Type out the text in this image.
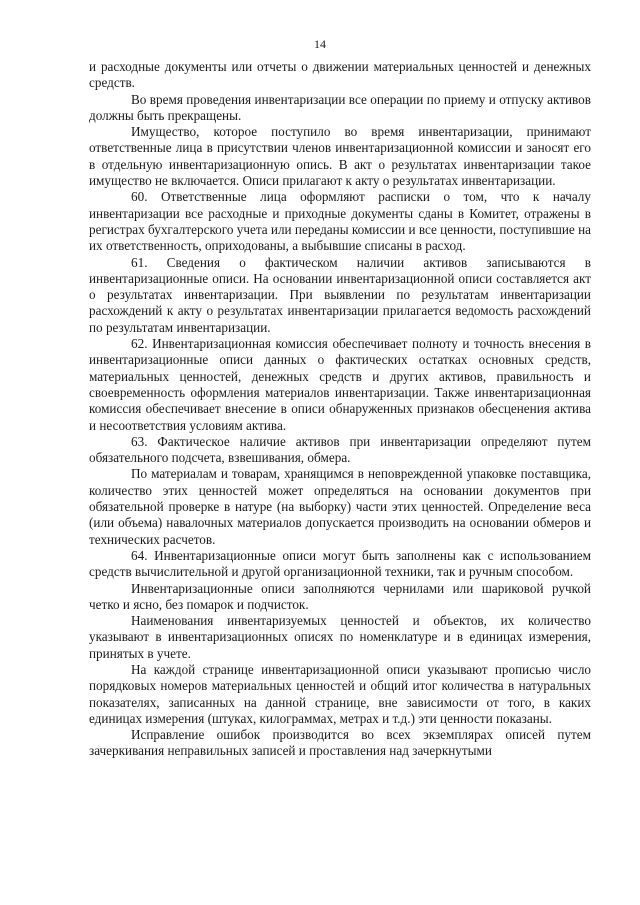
14

и расходные документы или отчеты о движении материальных ценностей и денежных средств.

Во время проведения инвентаризации все операции по приему и отпуску активов должны быть прекращены.

Имущество, которое поступило во время инвентаризации, принимают ответственные лица в присутствии членов инвентаризационной комиссии и заносят его в отдельную инвентаризационную опись. В акт о результатах инвентаризации такое имущество не включается. Описи прилагают к акту о результатах инвентаризации.

60. Ответственные лица оформляют расписки о том, что к началу инвентаризации все расходные и приходные документы сданы в Комитет, отражены в регистрах бухгалтерского учета или переданы комиссии и все ценности, поступившие на их ответственность, оприходованы, а выбывшие списаны в расход.

61. Сведения о фактическом наличии активов записываются в инвентаризационные описи. На основании инвентаризационной описи составляется акт о результатах инвентаризации. При выявлении по результатам инвентаризации расхождений к акту о результатах инвентаризации прилагается ведомость расхождений по результатам инвентаризации.

62. Инвентаризационная комиссия обеспечивает полноту и точность внесения в инвентаризационные описи данных о фактических остатках основных средств, материальных ценностей, денежных средств и других активов, правильность и своевременность оформления материалов инвентаризации. Также инвентаризационная комиссия обеспечивает внесение в описи обнаруженных признаков обесценения актива и несоответствия условиям актива.

63. Фактическое наличие активов при инвентаризации определяют путем обязательного подсчета, взвешивания, обмера.

По материалам и товарам, хранящимся в неповрежденной упаковке поставщика, количество этих ценностей может определяться на основании документов при обязательной проверке в натуре (на выборку) части этих ценностей. Определение веса (или объема) навалочных материалов допускается производить на основании обмеров и технических расчетов.

64. Инвентаризационные описи могут быть заполнены как с использованием средств вычислительной и другой организационной техники, так и ручным способом.

Инвентаризационные описи заполняются чернилами или шариковой ручкой четко и ясно, без помарок и подчисток.

Наименования инвентаризуемых ценностей и объектов, их количество указывают в инвентаризационных описях по номенклатуре и в единицах измерения, принятых в учете.

На каждой странице инвентаризационной описи указывают прописью число порядковых номеров материальных ценностей и общий итог количества в натуральных показателях, записанных на данной странице, вне зависимости от того, в каких единицах измерения (штуках, килограммах, метрах и т.д.) эти ценности показаны.

Исправление ошибок производится во всех экземплярах описей путем зачеркивания неправильных записей и проставления над зачеркнутыми
